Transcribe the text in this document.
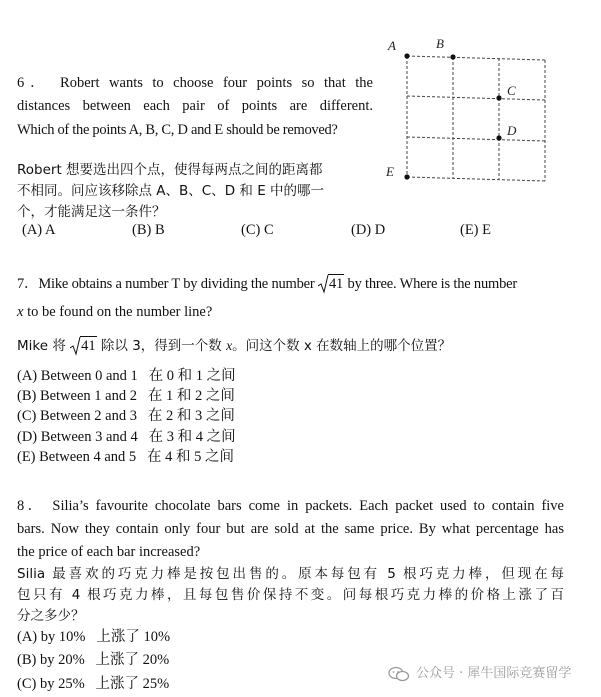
6． Robert wants to choose four points so that the
distances between each pair of points are different.
Which of the points A, B, C, D and E should be removed?
Robert 想要选出四个点，使得每两点之间的距离都
不相同。问应该移除点 A、B、C、D 和 E 中的哪一
个，才能满足这一条件？
(A) A	(B) B	(C) C	(D) D	(E) E
A	B
C
D
E
7．Mike obtains a number T by dividing the number
41 by three. Where is the number
x to be found on the number line?
Mike 将
41 除以 3，得到一个数 x。问这个数 x 在数轴上的哪个位置？
(A) Between 0 and 1   在 0 和 1 之间
(B) Between 1 and 2   在 1 和 2 之间
(C) Between 2 and 3   在 2 和 3 之间
(D) Between 3 and 4   在 3 和 4 之间
(E) Between 4 and 5   在 4 和 5 之间
8． Silia’s favourite chocolate bars come in packets. Each packet used to contain five
bars. Now they contain only four but are sold at the same price. By what percentage has
the price of each bar increased?
Silia 最喜欢的巧克力棒是按包出售的。原本每包有 5 根巧克力棒，但现在每
包只有 4 根巧克力棒，且每包售价保持不变。问每根巧克力棒的价格上涨了百
分之多少？
(A) by 10%   上涨了 10%
(B) by 20%   上涨了 20%
(C) by 25%   上涨了 25%
公众号 · 犀牛国际竞赛留学
